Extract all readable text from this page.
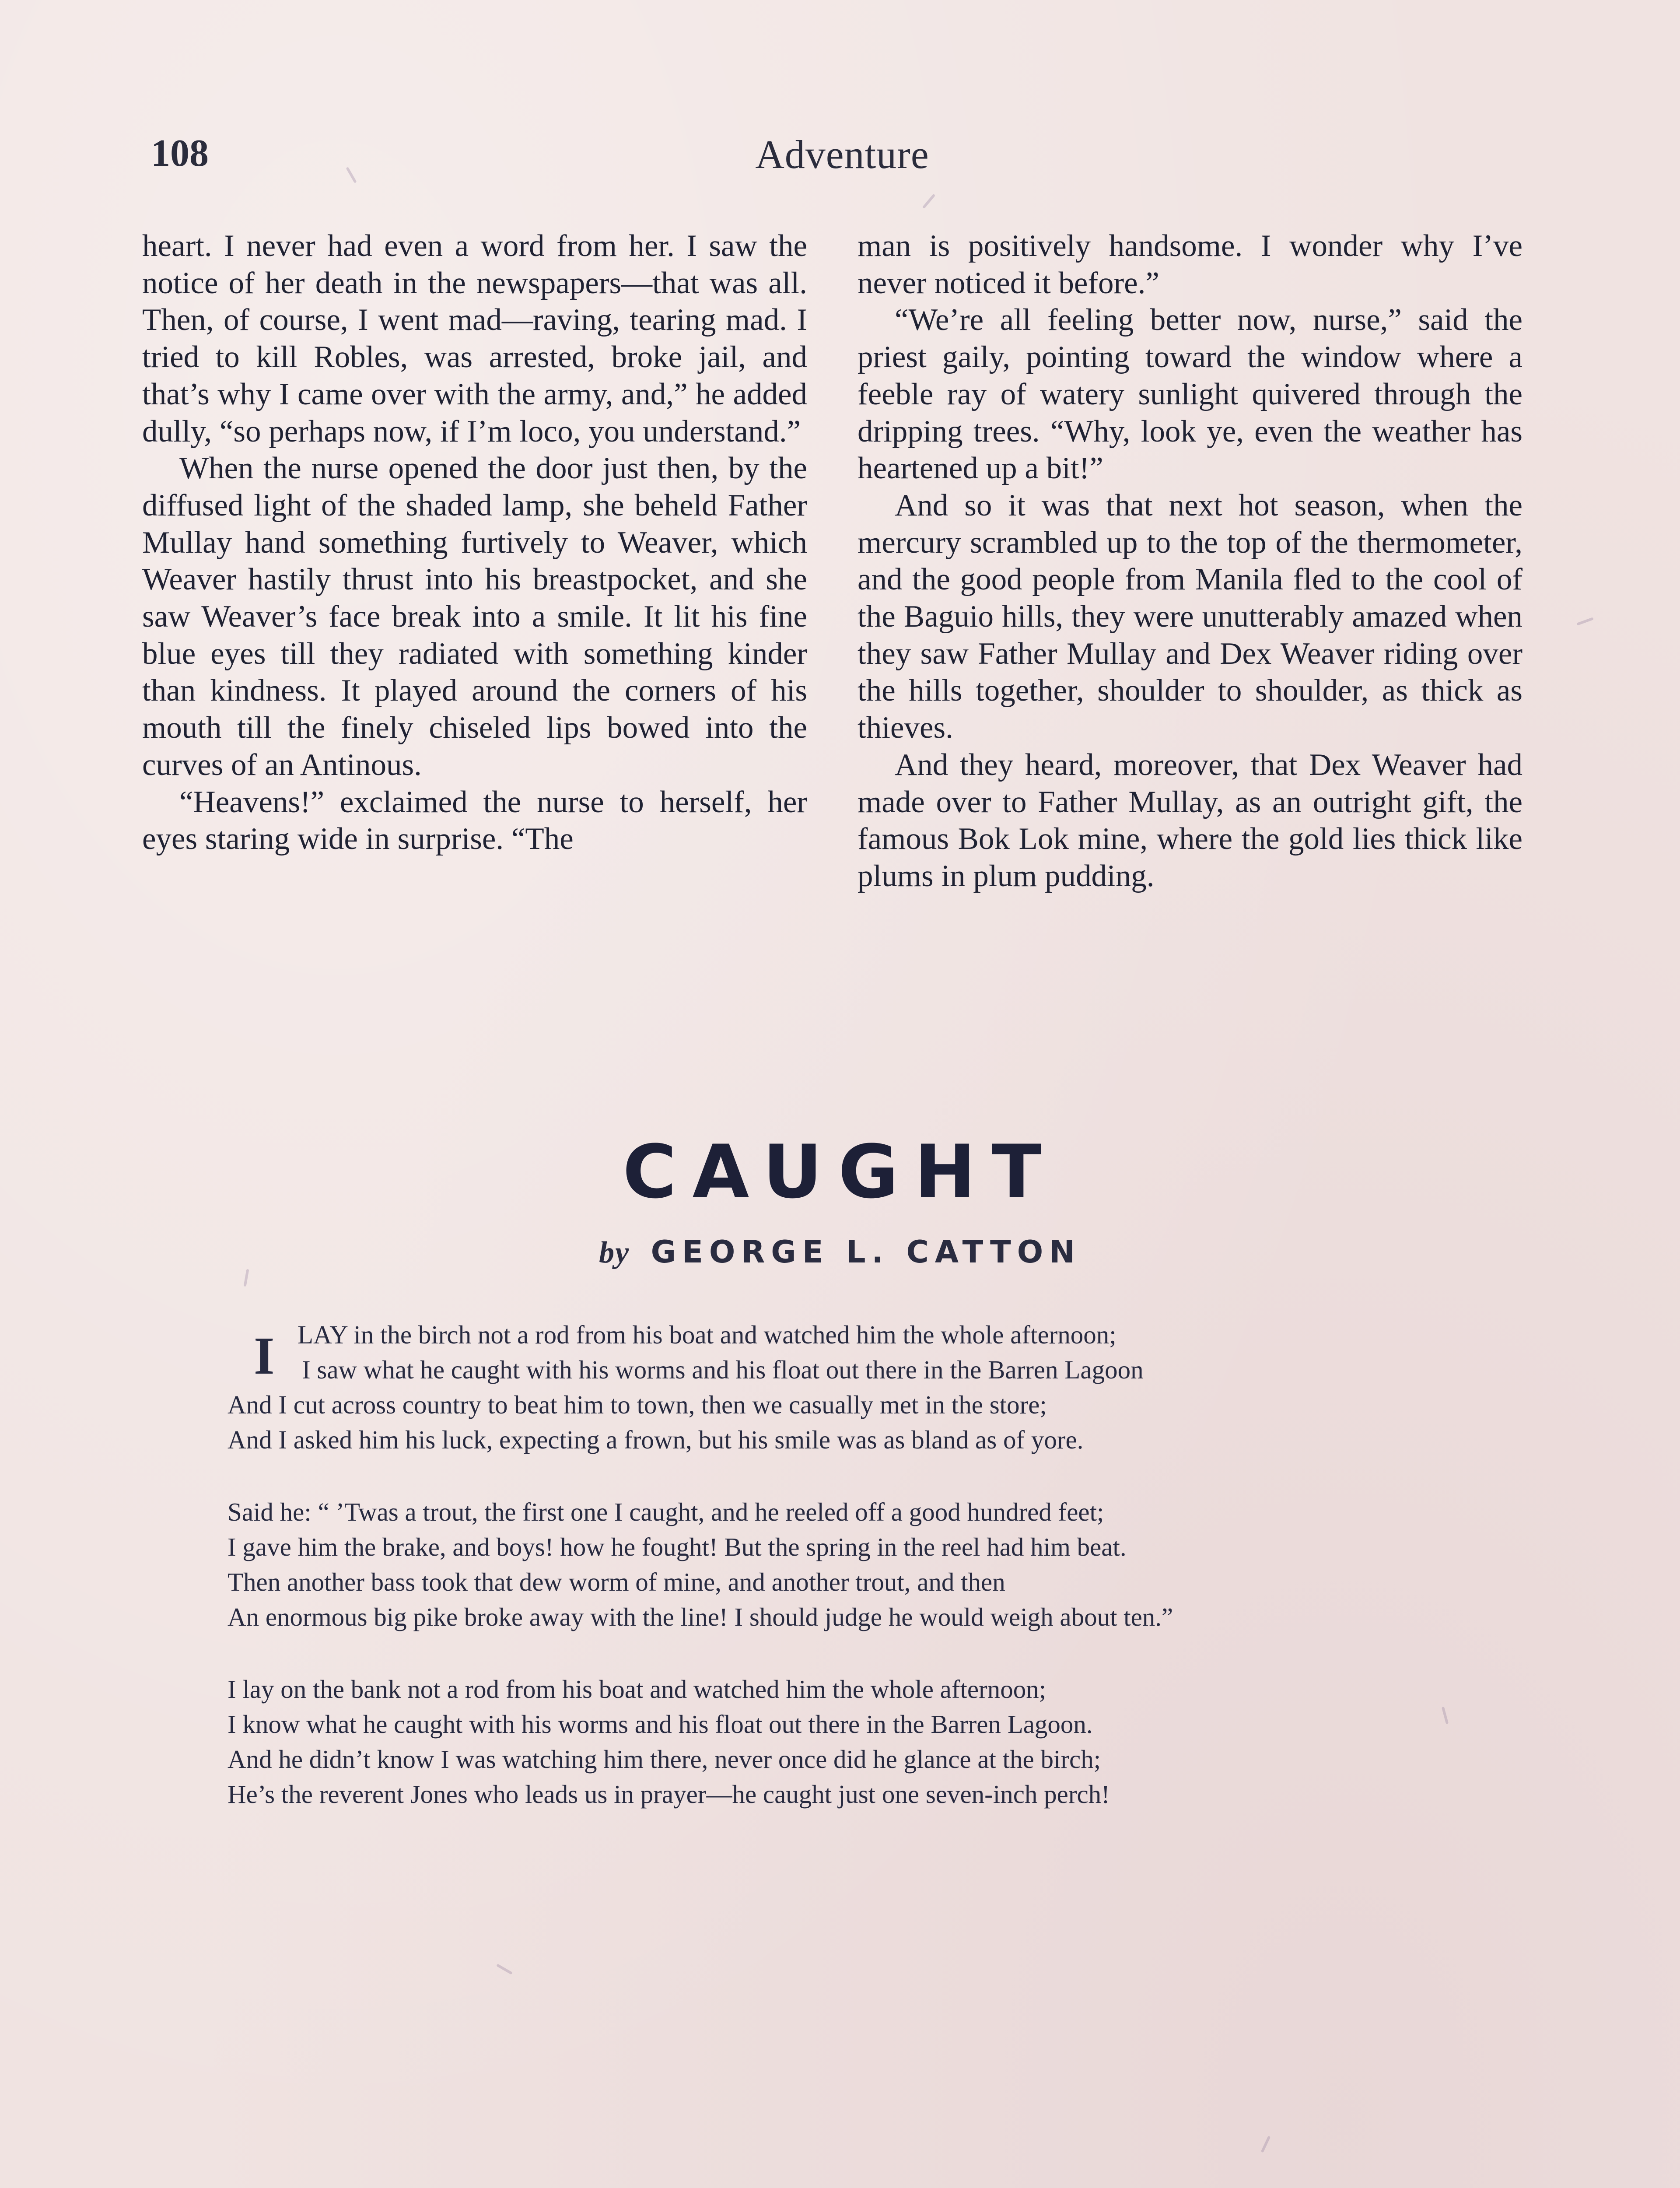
108	Adventure

heart. I never had even a word from her. I saw the notice of her death in the newspapers—that was all. Then, of course, I went mad—raving, tearing mad. I tried to kill Robles, was arrested, broke jail, and that’s why I came over with the army, and,” he added dully, “so perhaps now, if I’m loco, you understand.”

When the nurse opened the door just then, by the diffused light of the shaded lamp, she beheld Father Mullay hand something furtively to Weaver, which Weaver hastily thrust into his breastpocket, and she saw Weaver’s face break into a smile. It lit his fine blue eyes till they radiated with something kinder than kindness. It played around the corners of his mouth till the finely chiseled lips bowed into the curves of an Antinous.

“Heavens!” exclaimed the nurse to herself, her eyes staring wide in surprise. “The

man is positively handsome. I wonder why I’ve never noticed it before.”

“We’re all feeling better now, nurse,” said the priest gaily, pointing toward the window where a feeble ray of watery sunlight quivered through the dripping trees. “Why, look ye, even the weather has heartened up a bit!”

And so it was that next hot season, when the mercury scrambled up to the top of the thermometer, and the good people from Manila fled to the cool of the Baguio hills, they were unutterably amazed when they saw Father Mullay and Dex Weaver riding over the hills together, shoulder to shoulder, as thick as thieves.

And they heard, moreover, that Dex Weaver had made over to Father Mullay, as an outright gift, the famous Bok Lok mine, where the gold lies thick like plums in plum pudding.

CAUGHT
by GEORGE L. CATTON
I LAY in the birch not a rod from his boat and watched him the whole afternoon;
I saw what he caught with his worms and his float out there in the Barren Lagoon
And I cut across country to beat him to town, then we casually met in the store;
And I asked him his luck, expecting a frown, but his smile was as bland as of yore.
Said he: “ ’Twas a trout, the first one I caught, and he reeled off a good hundred feet;
I gave him the brake, and boys! how he fought! But the spring in the reel had him beat.
Then another bass took that dew worm of mine, and another trout, and then
An enormous big pike broke away with the line! I should judge he would weigh about ten.”
I lay on the bank not a rod from his boat and watched him the whole afternoon;
I know what he caught with his worms and his float out there in the Barren Lagoon.
And he didn’t know I was watching him there, never once did he glance at the birch;
He’s the reverent Jones who leads us in prayer—he caught just one seven-inch perch!
